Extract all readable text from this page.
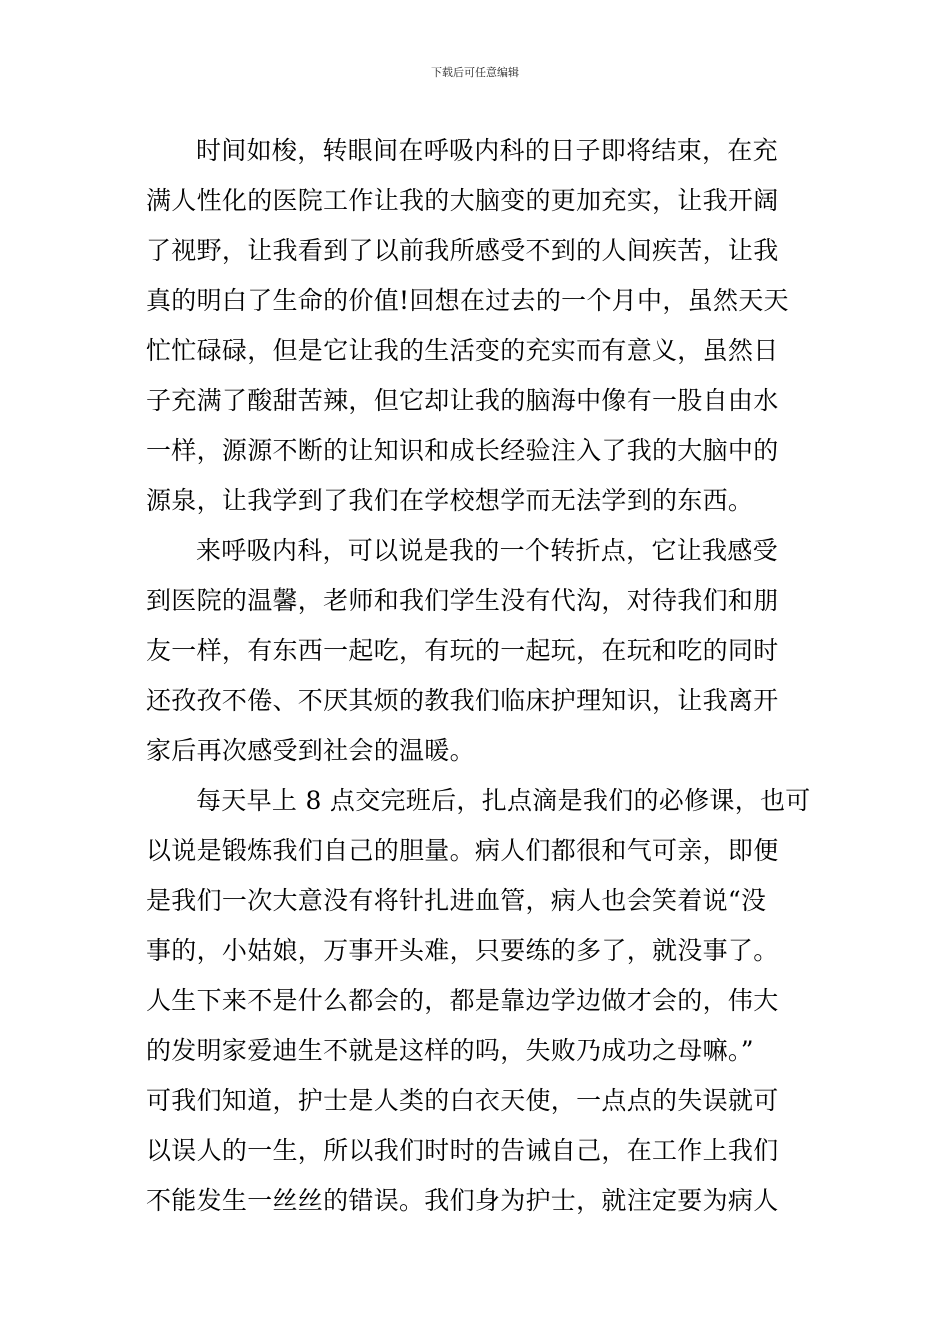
下载后可任意编辑
时间如梭，转眼间在呼吸内科的日子即将结束，在充
满人性化的医院工作让我的大脑变的更加充实，让我开阔
了视野，让我看到了以前我所感受不到的人间疾苦，让我
真的明白了生命的价值!回想在过去的一个月中，虽然天天
忙忙碌碌，但是它让我的生活变的充实而有意义，虽然日
子充满了酸甜苦辣，但它却让我的脑海中像有一股自由水
一样，源源不断的让知识和成长经验注入了我的大脑中的
源泉，让我学到了我们在学校想学而无法学到的东西。
来呼吸内科，可以说是我的一个转折点，它让我感受
到医院的温馨，老师和我们学生没有代沟，对待我们和朋
友一样，有东西一起吃，有玩的一起玩，在玩和吃的同时
还孜孜不倦、不厌其烦的教我们临床护理知识，让我离开
家后再次感受到社会的温暖。
每天早上 8 点交完班后，扎点滴是我们的必修课，也可
以说是锻炼我们自己的胆量。病人们都很和气可亲，即便
是我们一次大意没有将针扎进血管，病人也会笑着说“没
事的，小姑娘，万事开头难，只要练的多了，就没事了。
人生下来不是什么都会的，都是靠边学边做才会的，伟大
的发明家爱迪生不就是这样的吗，失败乃成功之母嘛。”
可我们知道，护士是人类的白衣天使，一点点的失误就可
以误人的一生，所以我们时时的告诫自己，在工作上我们
不能发生一丝丝的错误。我们身为护士，就注定要为病人
